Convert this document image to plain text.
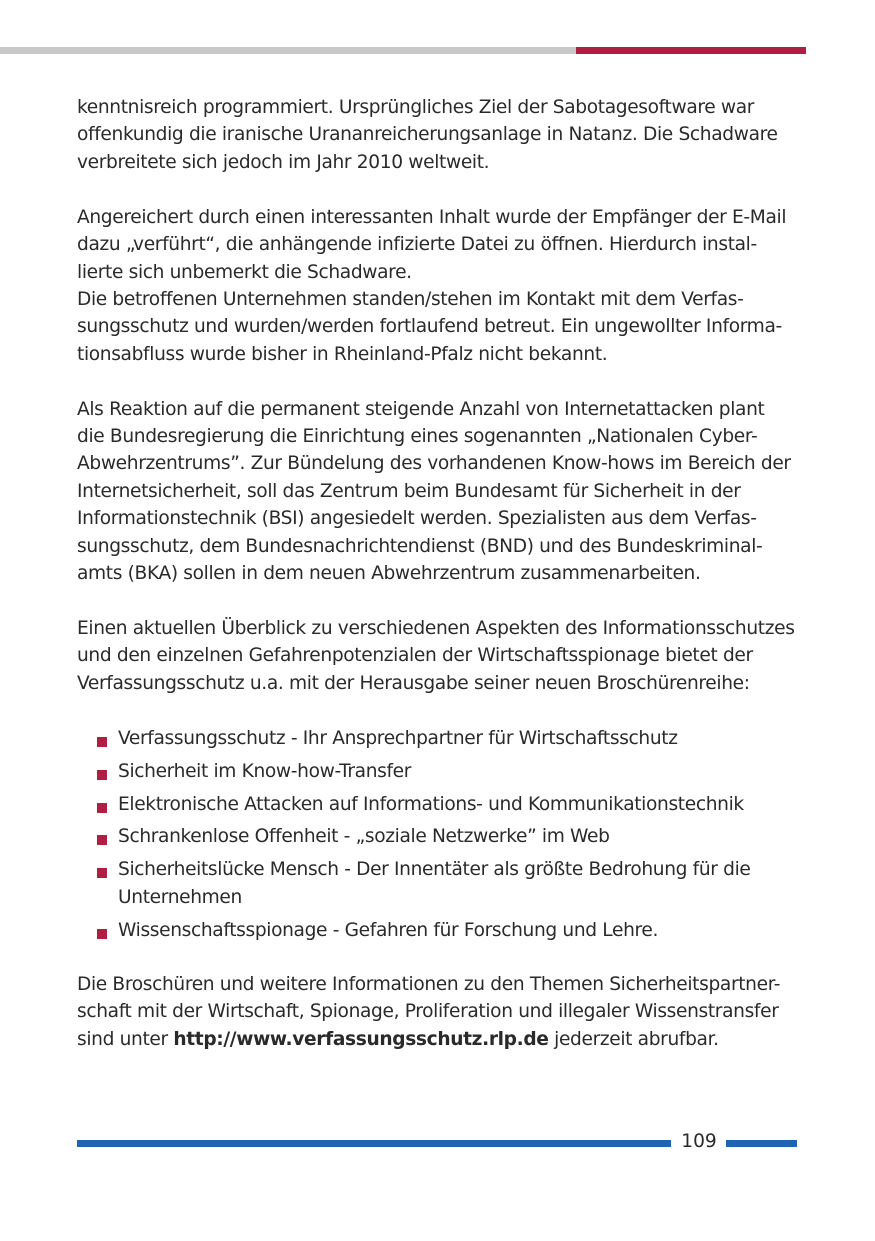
kenntnisreich programmiert. Ursprüngliches Ziel der Sabotagesoftware war
offenkundig die iranische Urananreicherungsanlage in Natanz. Die Schadware
verbreitete sich jedoch im Jahr 2010 weltweit.

Angereichert durch einen interessanten Inhalt wurde der Empfänger der E-Mail
dazu „verführt“, die anhängende infizierte Datei zu öffnen. Hierdurch instal-
lierte sich unbemerkt die Schadware.

Die betroffenen Unternehmen standen/stehen im Kontakt mit dem Verfas-
sungsschutz und wurden/werden fortlaufend betreut. Ein ungewollter Informa-
tionsabfluss wurde bisher in Rheinland-Pfalz nicht bekannt.

Als Reaktion auf die permanent steigende Anzahl von Internetattacken plant
die Bundesregierung die Einrichtung eines sogenannten „Nationalen Cyber-
Abwehrzentrums”. Zur Bündelung des vorhandenen Know-hows im Bereich der
Internetsicherheit, soll das Zentrum beim Bundesamt für Sicherheit in der
Informationstechnik (BSI) angesiedelt werden. Spezialisten aus dem Verfas-
sungsschutz, dem Bundesnachrichtendienst (BND) und des Bundeskriminal-
amts (BKA) sollen in dem neuen Abwehrzentrum zusammenarbeiten.

Einen aktuellen Überblick zu verschiedenen Aspekten des Informationsschutzes
und den einzelnen Gefahrenpotenzialen der Wirtschaftsspionage bietet der
Verfassungsschutz u.a. mit der Herausgabe seiner neuen Broschürenreihe:

Verfassungsschutz - Ihr Ansprechpartner für Wirtschaftsschutz
Sicherheit im Know-how-Transfer
Elektronische Attacken auf Informations- und Kommunikationstechnik
Schrankenlose Offenheit - „soziale Netzwerke” im Web
Sicherheitslücke Mensch - Der Innentäter als größte Bedrohung für die Unternehmen
Wissenschaftsspionage - Gefahren für Forschung und Lehre.

Die Broschüren und weitere Informationen zu den Themen Sicherheitspartner-
schaft mit der Wirtschaft, Spionage, Proliferation und illegaler Wissenstransfer
sind unter http://www.verfassungsschutz.rlp.de jederzeit abrufbar.

109
